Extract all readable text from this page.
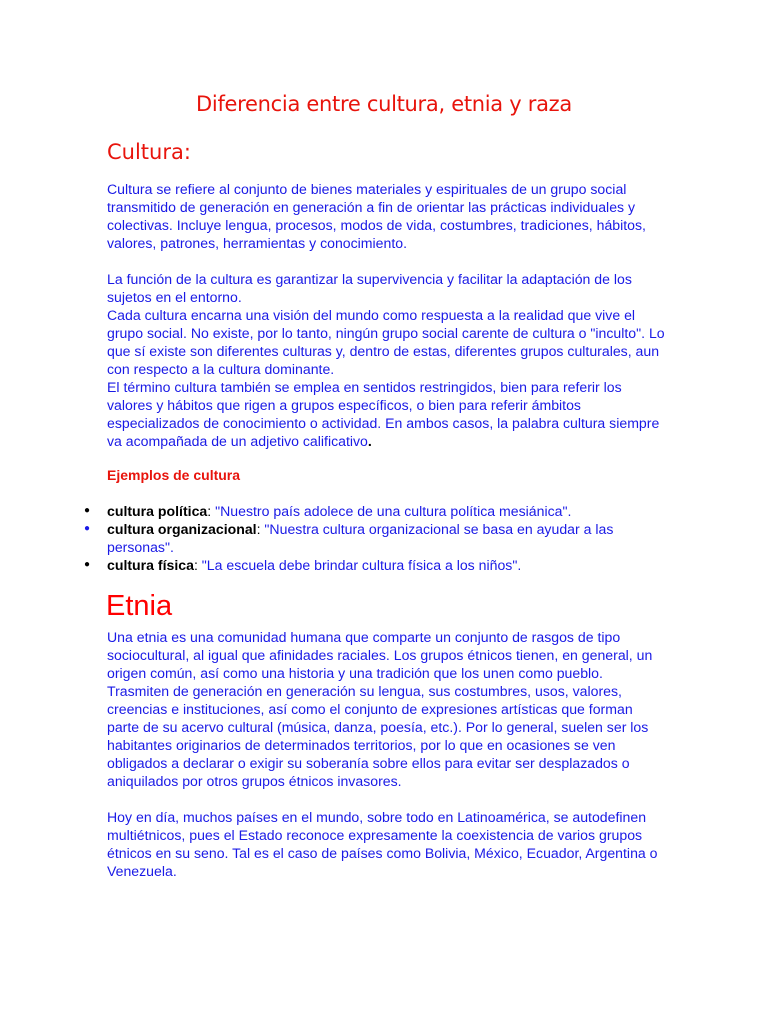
Diferencia entre cultura, etnia y raza
Cultura:

Cultura se refiere al conjunto de bienes materiales y espirituales de un grupo social transmitido de generación en generación a fin de orientar las prácticas individuales y colectivas. Incluye lengua, procesos, modos de vida, costumbres, tradiciones, hábitos, valores, patrones, herramientas y conocimiento.

La función de la cultura es garantizar la supervivencia y facilitar la adaptación de los sujetos en el entorno.

Cada cultura encarna una visión del mundo como respuesta a la realidad que vive el grupo social. No existe, por lo tanto, ningún grupo social carente de cultura o "inculto". Lo que sí existe son diferentes culturas y, dentro de estas, diferentes grupos culturales, aun con respecto a la cultura dominante.

El término cultura también se emplea en sentidos restringidos, bien para referir los valores y hábitos que rigen a grupos específicos, o bien para referir ámbitos especializados de conocimiento o actividad. En ambos casos, la palabra cultura siempre va acompañada de un adjetivo calificativo.

Ejemplos de cultura
● cultura política: "Nuestro país adolece de una cultura política mesiánica".
● cultura organizacional: "Nuestra cultura organizacional se basa en ayudar a las personas".
● cultura física: "La escuela debe brindar cultura física a los niños".
Etnia

Una etnia es una comunidad humana que comparte un conjunto de rasgos de tipo sociocultural, al igual que afinidades raciales. Los grupos étnicos tienen, en general, un origen común, así como una historia y una tradición que los unen como pueblo. Trasmiten de generación en generación su lengua, sus costumbres, usos, valores, creencias e instituciones, así como el conjunto de expresiones artísticas que forman parte de su acervo cultural (música, danza, poesía, etc.). Por lo general, suelen ser los habitantes originarios de determinados territorios, por lo que en ocasiones se ven obligados a declarar o exigir su soberanía sobre ellos para evitar ser desplazados o aniquilados por otros grupos étnicos invasores.

Hoy en día, muchos países en el mundo, sobre todo en Latinoamérica, se autodefinen multiétnicos, pues el Estado reconoce expresamente la coexistencia de varios grupos étnicos en su seno. Tal es el caso de países como Bolivia, México, Ecuador, Argentina o Venezuela.
